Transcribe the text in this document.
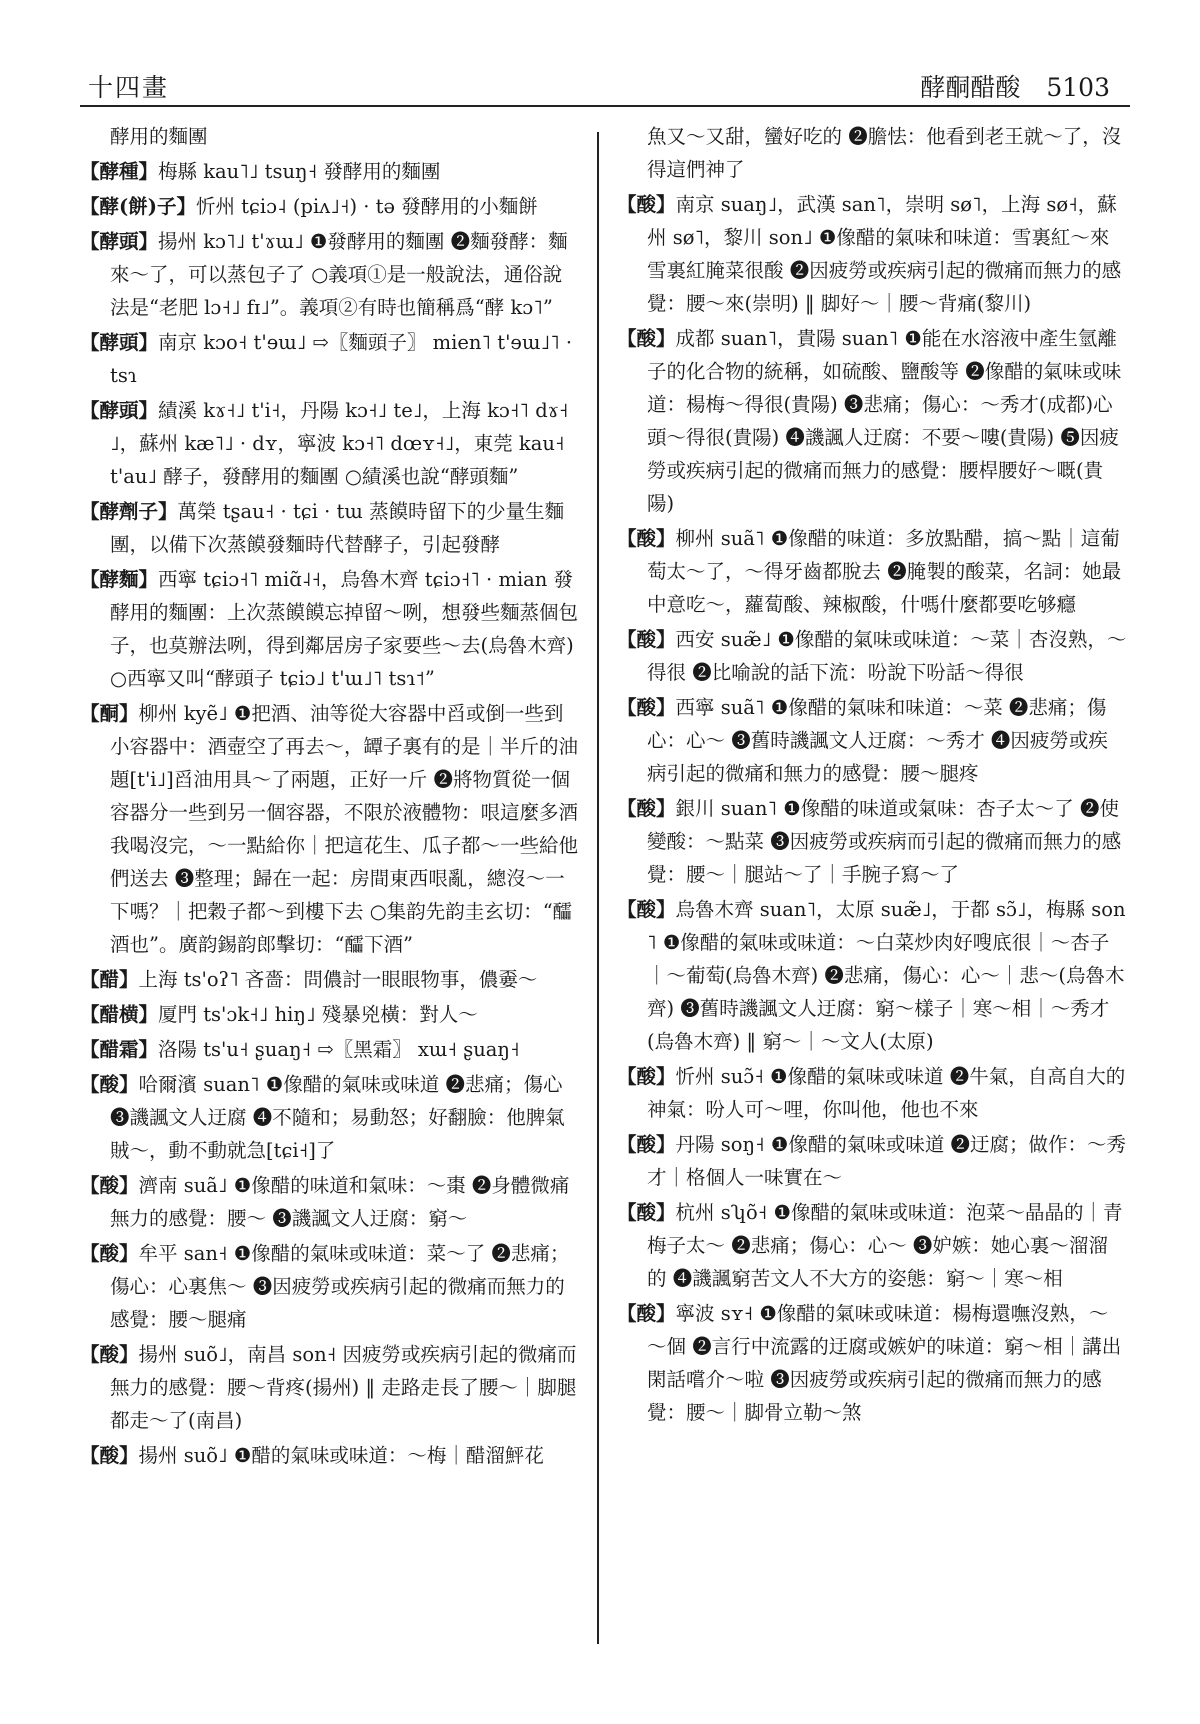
十四畫	酵酮醋酸 5103
酵用的麵團
【酵種】梅縣 kau˥˩ tsuŋ˧ 發酵用的麵團
【酵(餅)子】忻州 tɕiɔ˨ (piʌ˩˧) · tə 發酵用的小麵餅
【酵頭】揚州 kɔ˥˩ t'ɤɯ˩ ❶發酵用的麵團 ❷麵發酵：麵來～了，可以蒸包子了 ○義項①是一般說法，通俗說法是“老肥 lɔ˧˩ fɪ˩”。義項②有時也簡稱爲“酵 kɔ˥”
【酵頭】南京 kɔo˧ t'ɘɯ˩ ⇨〖麵頭子〗 mien˥ t'ɘɯ˩˥ · tsɿ
【酵頭】績溪 kɤ˧˩ t'i˧，丹陽 kɔ˧˩ te˩，上海 kɔ˧˥ dɤ˧˩，蘇州 kæ˥˩ · dʏ，寧波 kɔ˧˥ dœʏ˧˩，東莞 kau˧ t'au˩ 酵子，發酵用的麵團 ○績溪也說“酵頭麵”
【酵劑子】萬榮 tʂau˧ · tɕi · tɯ 蒸饃時留下的少量生麵團，以備下次蒸饃發麵時代替酵子，引起發酵
【酵麵】西寧 tɕiɔ˧˥ miɑ̃˨˧，烏魯木齊 tɕiɔ˧˥ · mian 發酵用的麵團：上次蒸饃饃忘掉留～咧，想發些麵蒸個包子，也莫辦法咧，得到鄰居房子家要些～去(烏魯木齊) ○西寧又叫“酵頭子 tɕiɔ˩ t'ɯ˩˥ tsɿ˦”
【酮】柳州 kyẽ˩ ❶把酒、油等從大容器中舀或倒一些到小容器中：酒壺空了再去～，罈子裏有的是｜半斤的油題[t'i˩]舀油用具～了兩題，正好一斤 ❷將物質從一個容器分一些到另一個容器，不限於液體物：哏這麼多酒我喝沒完，～一點給你｜把這花生、瓜子都～一些給他們送去 ❸整理；歸在一起：房間東西哏亂，總沒～一下嗎？｜把穀子都～到樓下去 ○集韵先韵圭玄切：“醽酒也”。廣韵錫韵郎擊切：“醽下酒”
【醋】上海 ts'oʔ˥ 吝嗇：問儂討一眼眼物事，儂嫑～
【醋横】厦門 ts'ɔk˧˩ hiŋ˩ 殘暴兇橫：對人～
【醋霜】洛陽 ts'u˧ ʂuaŋ˧ ⇨〖黑霜〗 xɯ˧ ʂuaŋ˧
【酸】哈爾濱 suan˥ ❶像醋的氣味或味道 ❷悲痛；傷心 ❸譏諷文人迂腐 ❹不隨和；易動怒；好翻臉：他脾氣賊～，動不動就急[tɕi˧]了
【酸】濟南 suã˩ ❶像醋的味道和氣味：～棗 ❷身體微痛無力的感覺：腰～ ❸譏諷文人迂腐：窮～
【酸】牟平 san˧ ❶像醋的氣味或味道：菜～了 ❷悲痛；傷心：心裏焦～ ❸因疲勞或疾病引起的微痛而無力的感覺：腰～腿痛
【酸】揚州 suõ˩，南昌 son˧ 因疲勞或疾病引起的微痛而無力的感覺：腰～背疼(揚州) ‖ 走路走長了腰～｜脚腿都走～了(南昌)
【酸】揚州 suõ˩ ❶醋的氣味或味道：～梅｜醋溜鮃花
魚又～又甜，蠻好吃的 ❷膽怯：他看到老王就～了，沒得這們神了
【酸】南京 suaŋ˩，武漢 san˥，崇明 sø˥，上海 sø˧，蘇州 sø˥，黎川 son˩ ❶像醋的氣味和味道：雪裏紅～來雪裏紅腌菜很酸 ❷因疲勞或疾病引起的微痛而無力的感覺：腰～來(崇明) ‖ 脚好～｜腰～背痛(黎川)
【酸】成都 suan˥，貴陽 suan˥ ❶能在水溶液中產生氫離子的化合物的統稱，如硫酸、鹽酸等 ❷像醋的氣味或味道：楊梅～得很(貴陽) ❸悲痛；傷心：～秀才(成都)心頭～得很(貴陽) ❹譏諷人迂腐：不要～嘍(貴陽) ❺因疲勞或疾病引起的微痛而無力的感覺：腰桿腰好～嘅(貴陽)
【酸】柳州 suã˥ ❶像醋的味道：多放點醋，搞～點｜這葡萄太～了，～得牙齒都脫去 ❷腌製的酸菜，名詞：她最中意吃～，蘿蔔酸、辣椒酸，什嗎什麼都要吃够癮
【酸】西安 suæ̃˩ ❶像醋的氣味或味道：～菜｜杏沒熟，～得很 ❷比喻說的話下流：吩說下吩話～得很
【酸】西寧 suã˥ ❶像醋的氣味和味道：～菜 ❷悲痛；傷心：心～ ❸舊時譏諷文人迂腐：～秀才 ❹因疲勞或疾病引起的微痛和無力的感覺：腰～腿疼
【酸】銀川 suan˥ ❶像醋的味道或氣味：杏子太～了 ❷使變酸：～點菜 ❸因疲勞或疾病而引起的微痛而無力的感覺：腰～｜腿站～了｜手腕子寫～了
【酸】烏魯木齊 suan˥，太原 suæ̃˩，于都 sɔ̃˩，梅縣 son˥ ❶像醋的氣味或味道：～白菜炒肉好嗖底很｜～杏子｜～葡萄(烏魯木齊) ❷悲痛，傷心：心～｜悲～(烏魯木齊) ❸舊時譏諷文人迂腐：窮～樣子｜寒～相｜～秀才(烏魯木齊) ‖ 窮～｜～文人(太原)
【酸】忻州 suɔ̃˧ ❶像醋的氣味或味道 ❷牛氣，自高自大的神氣：吩人可～哩，你叫他，他也不來
【酸】丹陽 soŋ˧ ❶像醋的氣味或味道 ❷迂腐；做作：～秀才｜格個人一味實在～
【酸】杭州 sʮõ˧ ❶像醋的氣味或味道：泡菜～晶晶的｜青梅子太～ ❷悲痛；傷心：心～ ❸妒嫉：她心裏～溜溜的 ❹譏諷窮苦文人不大方的姿態：窮～｜寒～相
【酸】寧波 sʏ˧ ❶像醋的氣味或味道：楊梅還嘸沒熟，～～個 ❷言行中流露的迂腐或嫉妒的味道：窮～相｜講出閑話嚐介～啦 ❸因疲勞或疾病引起的微痛而無力的感覺：腰～｜脚骨立勒～煞
